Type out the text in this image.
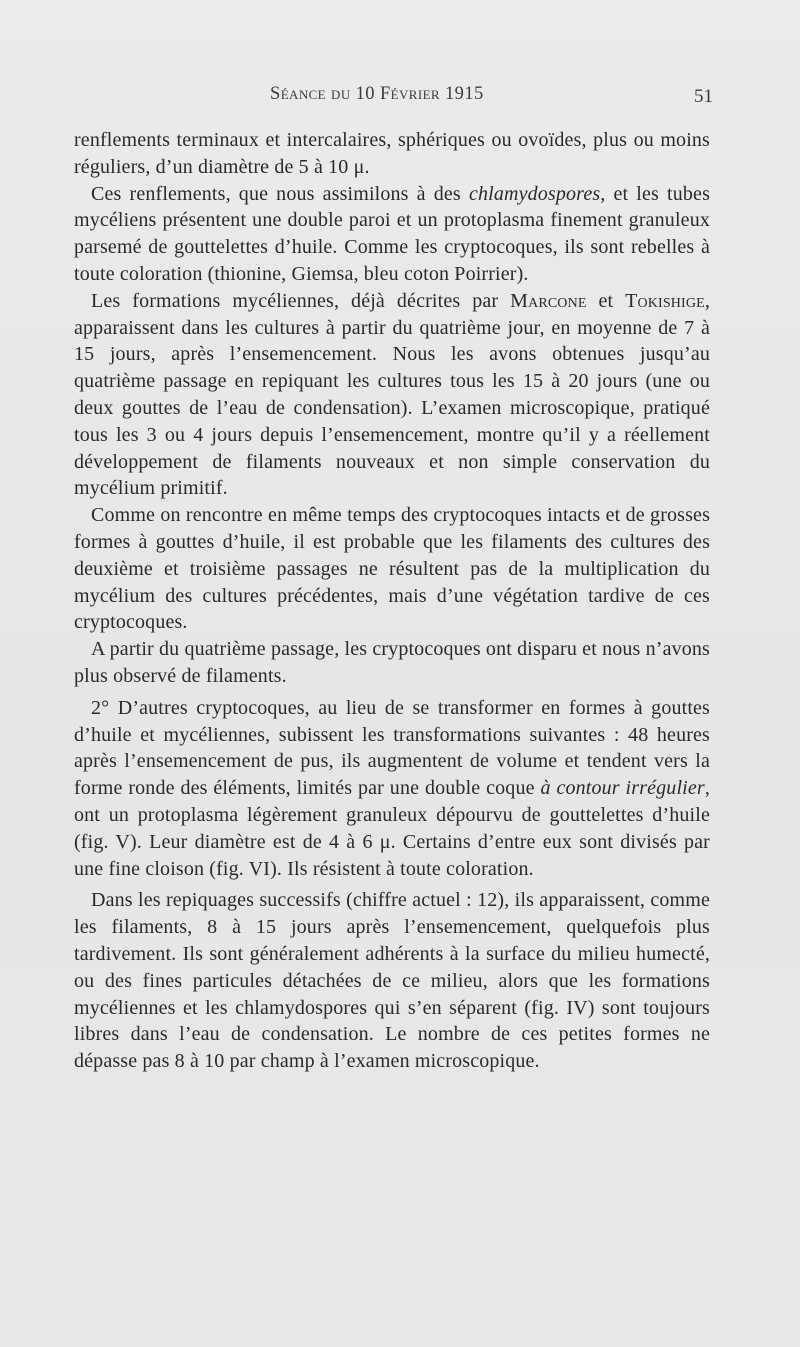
Séance du 10 Février 1915	51

renflements terminaux et intercalaires, sphériques ou ovoïdes, plus ou moins réguliers, d’un diamètre de 5 à 10 μ.

Ces renflements, que nous assimilons à des chlamydospores, et les tubes mycéliens présentent une double paroi et un protoplasma finement granuleux parsemé de gouttelettes d’huile. Comme les cryptocoques, ils sont rebelles à toute coloration (thionine, Giemsa, bleu coton Poirrier).

Les formations mycéliennes, déjà décrites par Marcone et Tokishige, apparaissent dans les cultures à partir du quatrième jour, en moyenne de 7 à 15 jours, après l’ensemencement. Nous les avons obtenues jusqu’au quatrième passage en repiquant les cultures tous les 15 à 20 jours (une ou deux gouttes de l’eau de condensation). L’examen microscopique, pratiqué tous les 3 ou 4 jours depuis l’ensemencement, montre qu’il y a réellement développement de filaments nouveaux et non simple conservation du mycélium primitif.

Comme on rencontre en même temps des cryptocoques intacts et de grosses formes à gouttes d’huile, il est probable que les filaments des cultures des deuxième et troisième passages ne résultent pas de la multiplication du mycélium des cultures précédentes, mais d’une végétation tardive de ces cryptocoques.

A partir du quatrième passage, les cryptocoques ont disparu et nous n’avons plus observé de filaments.

2° D’autres cryptocoques, au lieu de se transformer en formes à gouttes d’huile et mycéliennes, subissent les transformations suivantes : 48 heures après l’ensemencement de pus, ils augmentent de volume et tendent vers la forme ronde des éléments, limités par une double coque à contour irrégulier, ont un protoplasma légèrement granuleux dépourvu de gouttelettes d’huile (fig. V). Leur diamètre est de 4 à 6 μ. Certains d’entre eux sont divisés par une fine cloison (fig. VI). Ils résistent à toute coloration.

Dans les repiquages successifs (chiffre actuel : 12), ils apparaissent, comme les filaments, 8 à 15 jours après l’ensemencement, quelquefois plus tardivement. Ils sont généralement adhérents à la surface du milieu humecté, ou des fines particules détachées de ce milieu, alors que les formations mycéliennes et les chlamydospores qui s’en séparent (fig. IV) sont toujours libres dans l’eau de condensation. Le nombre de ces petites formes ne dépasse pas 8 à 10 par champ à l’examen microscopique.
